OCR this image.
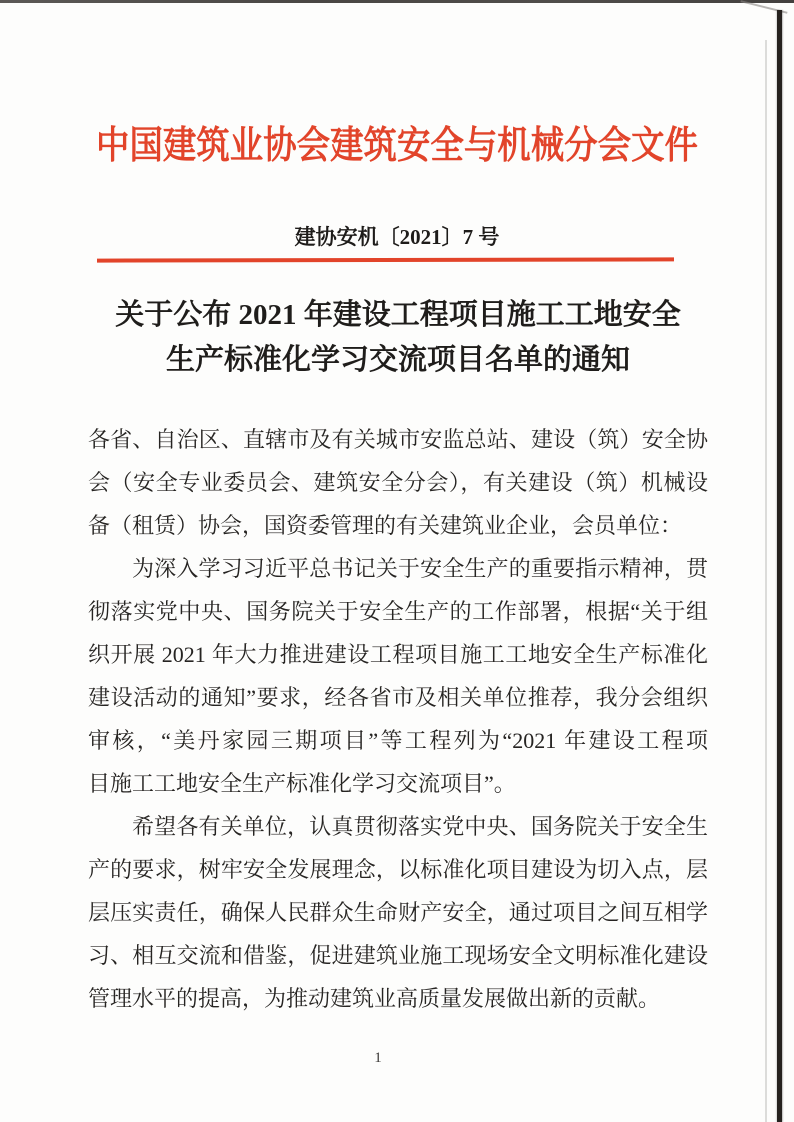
中国建筑业协会建筑安全与机械分会文件
建协安机〔2021〕7 号
关于公布 2021 年建设工程项目施工工地安全
生产标准化学习交流项目名单的通知

各省、自治区、直辖市及有关城市安监总站、建设（筑）安全协
会（安全专业委员会、建筑安全分会），有关建设（筑）机械设
备（租赁）协会，国资委管理的有关建筑业企业，会员单位：

为深入学习习近平总书记关于安全生产的重要指示精神，贯
彻落实党中央、国务院关于安全生产的工作部署，根据“关于组
织开展 2021 年大力推进建设工程项目施工工地安全生产标准化
建设活动的通知”要求，经各省市及相关单位推荐，我分会组织
审核，“美丹家园三期项目”等工程列为“2021 年建设工程项
目施工工地安全生产标准化学习交流项目”。

希望各有关单位，认真贯彻落实党中央、国务院关于安全生
产的要求，树牢安全发展理念，以标准化项目建设为切入点，层
层压实责任，确保人民群众生命财产安全，通过项目之间互相学
习、相互交流和借鉴，促进建筑业施工现场安全文明标准化建设
管理水平的提高，为推动建筑业高质量发展做出新的贡献。

1
